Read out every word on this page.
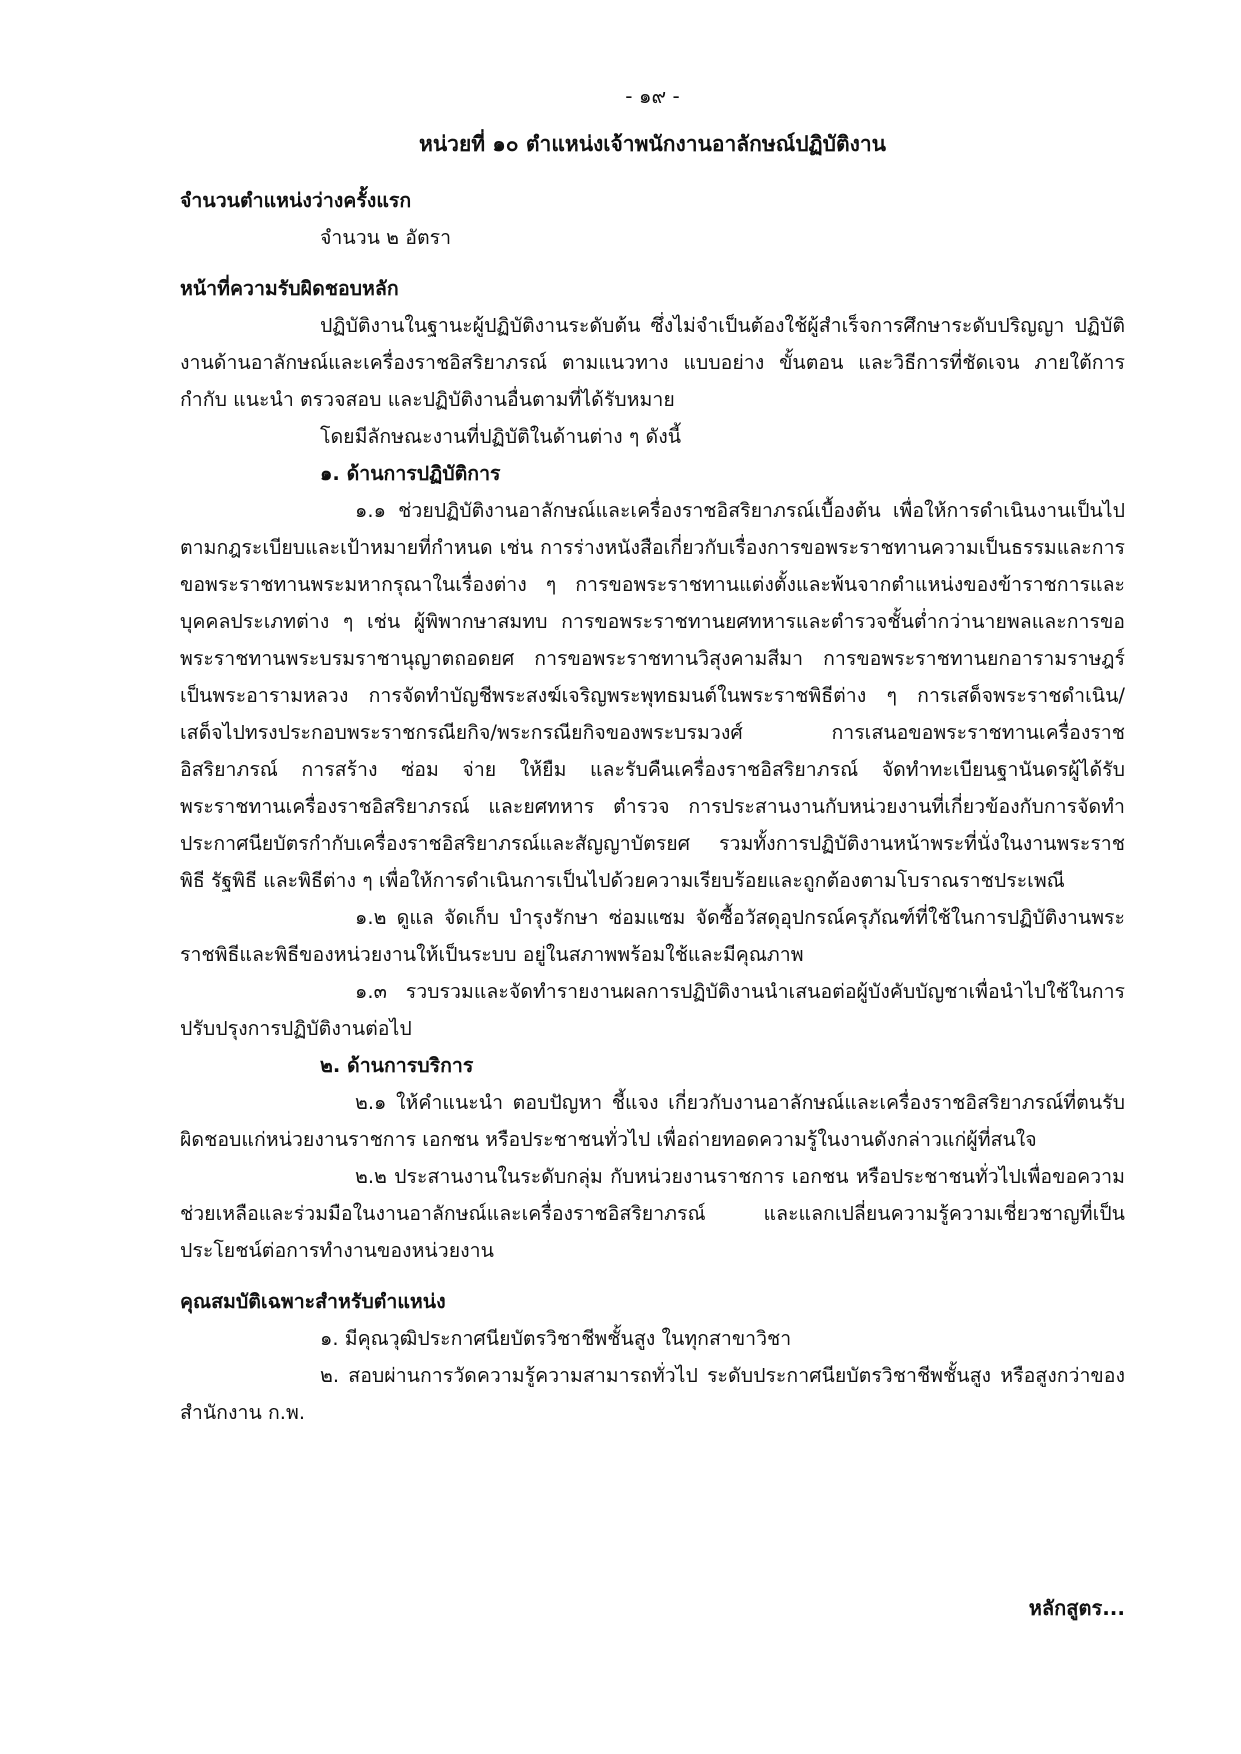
- ๑๙ -
หน่วยที่ ๑๐ ตำแหน่งเจ้าพนักงานอาลักษณ์ปฏิบัติงาน

จำนวนตำแหน่งว่างครั้งแรก

จำนวน ๒ อัตรา

หน้าที่ความรับผิดชอบหลัก

ปฏิบัติงานในฐานะผู้ปฏิบัติงานระดับต้น ซึ่งไม่จำเป็นต้องใช้ผู้สำเร็จการศึกษาระดับปริญญา ปฏิบัติงานด้านอาลักษณ์และเครื่องราชอิสริยาภรณ์ ตามแนวทาง แบบอย่าง ขั้นตอน และวิธีการที่ชัดเจน ภายใต้การกำกับ แนะนำ ตรวจสอบ และปฏิบัติงานอื่นตามที่ได้รับหมาย

โดยมีลักษณะงานที่ปฏิบัติในด้านต่าง ๆ ดังนี้

๑. ด้านการปฏิบัติการ

๑.๑ ช่วยปฏิบัติงานอาลักษณ์และเครื่องราชอิสริยาภรณ์เบื้องต้น เพื่อให้การดำเนินงานเป็นไปตามกฎระเบียบและเป้าหมายที่กำหนด เช่น การร่างหนังสือเกี่ยวกับเรื่องการขอพระราชทานความเป็นธรรมและการขอพระราชทานพระมหากรุณาในเรื่องต่าง ๆ การขอพระราชทานแต่งตั้งและพ้นจากตำแหน่งของข้าราชการและบุคคลประเภทต่าง ๆ เช่น ผู้พิพากษาสมทบ การขอพระราชทานยศทหารและตำรวจชั้นต่ำกว่านายพลและการขอพระราชทานพระบรมราชานุญาตถอดยศ การขอพระราชทานวิสุงคามสีมา การขอพระราชทานยกอารามราษฎร์เป็นพระอารามหลวง การจัดทำบัญชีพระสงฆ์เจริญพระพุทธมนต์ในพระราชพิธีต่าง ๆ การเสด็จพระราชดำเนิน/เสด็จไปทรงประกอบพระราชกรณียกิจ/พระกรณียกิจของพระบรมวงศ์ การเสนอขอพระราชทานเครื่องราชอิสริยาภรณ์ การสร้าง ซ่อม จ่าย ให้ยืม และรับคืนเครื่องราชอิสริยาภรณ์ จัดทำทะเบียนฐานันดรผู้ได้รับพระราชทานเครื่องราชอิสริยาภรณ์ และยศทหาร ตำรวจ การประสานงานกับหน่วยงานที่เกี่ยวข้องกับการจัดทำประกาศนียบัตรกำกับเครื่องราชอิสริยาภรณ์และสัญญาบัตรยศ รวมทั้งการปฏิบัติงานหน้าพระที่นั่งในงานพระราชพิธี รัฐพิธี และพิธีต่าง ๆ เพื่อให้การดำเนินการเป็นไปด้วยความเรียบร้อยและถูกต้องตามโบราณราชประเพณี

๑.๒ ดูแล จัดเก็บ บำรุงรักษา ซ่อมแซม จัดซื้อวัสดุอุปกรณ์ครุภัณฑ์ที่ใช้ในการปฏิบัติงานพระราชพิธีและพิธีของหน่วยงานให้เป็นระบบ อยู่ในสภาพพร้อมใช้และมีคุณภาพ

๑.๓ รวบรวมและจัดทำรายงานผลการปฏิบัติงานนำเสนอต่อผู้บังคับบัญชาเพื่อนำไปใช้ในการปรับปรุงการปฏิบัติงานต่อไป

๒. ด้านการบริการ

๒.๑ ให้คำแนะนำ ตอบปัญหา ชี้แจง เกี่ยวกับงานอาลักษณ์และเครื่องราชอิสริยาภรณ์ที่ตนรับผิดชอบแก่หน่วยงานราชการ เอกชน หรือประชาชนทั่วไป เพื่อถ่ายทอดความรู้ในงานดังกล่าวแก่ผู้ที่สนใจ

๒.๒ ประสานงานในระดับกลุ่ม กับหน่วยงานราชการ เอกชน หรือประชาชนทั่วไปเพื่อขอความช่วยเหลือและร่วมมือในงานอาลักษณ์และเครื่องราชอิสริยาภรณ์ และแลกเปลี่ยนความรู้ความเชี่ยวชาญที่เป็นประโยชน์ต่อการทำงานของหน่วยงาน

คุณสมบัติเฉพาะสำหรับตำแหน่ง

๑. มีคุณวุฒิประกาศนียบัตรวิชาชีพชั้นสูง ในทุกสาขาวิชา

๒. สอบผ่านการวัดความรู้ความสามารถทั่วไป ระดับประกาศนียบัตรวิชาชีพชั้นสูง หรือสูงกว่าของสำนักงาน ก.พ.

หลักสูตร...
